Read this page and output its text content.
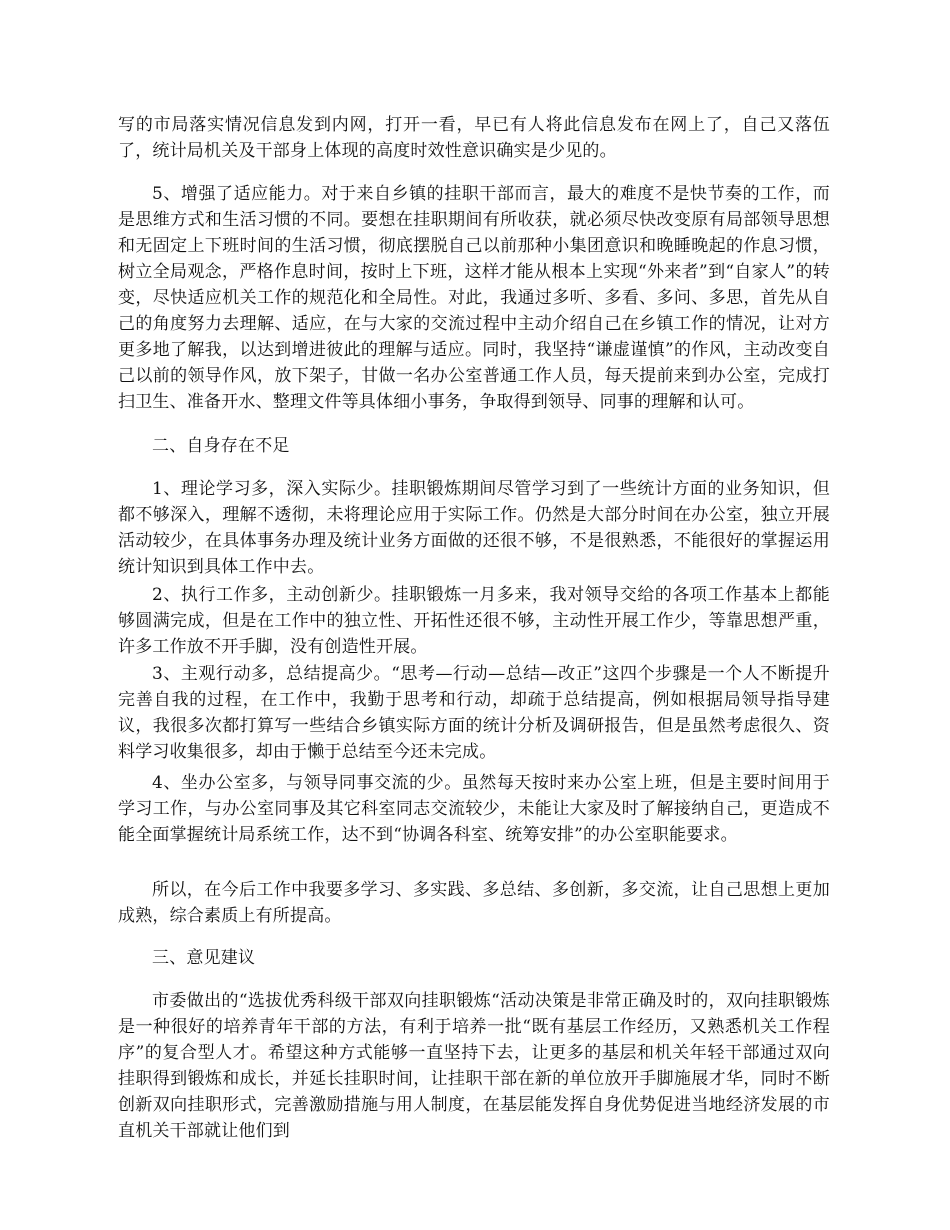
写的市局落实情况信息发到内网，打开一看，早已有人将此信息发布在网上了，自己又落伍了，统计局机关及干部身上体现的高度时效性意识确实是少见的。

5、增强了适应能力。对于来自乡镇的挂职干部而言，最大的难度不是快节奏的工作，而是思维方式和生活习惯的不同。要想在挂职期间有所收获，就必须尽快改变原有局部领导思想和无固定上下班时间的生活习惯，彻底摆脱自己以前那种小集团意识和晚睡晚起的作息习惯，树立全局观念，严格作息时间，按时上下班，这样才能从根本上实现“外来者”到“自家人”的转变，尽快适应机关工作的规范化和全局性。对此，我通过多听、多看、多问、多思，首先从自己的角度努力去理解、适应，在与大家的交流过程中主动介绍自己在乡镇工作的情况，让对方更多地了解我，以达到增进彼此的理解与适应。同时，我坚持“谦虚谨慎”的作风，主动改变自己以前的领导作风，放下架子，甘做一名办公室普通工作人员，每天提前来到办公室，完成打扫卫生、准备开水、整理文件等具体细小事务，争取得到领导、同事的理解和认可。

二、自身存在不足

1、理论学习多，深入实际少。挂职锻炼期间尽管学习到了一些统计方面的业务知识，但都不够深入，理解不透彻，未将理论应用于实际工作。仍然是大部分时间在办公室，独立开展活动较少，在具体事务办理及统计业务方面做的还很不够，不是很熟悉，不能很好的掌握运用统计知识到具体工作中去。

2、执行工作多，主动创新少。挂职锻炼一月多来，我对领导交给的各项工作基本上都能够圆满完成，但是在工作中的独立性、开拓性还很不够，主动性开展工作少，等靠思想严重，许多工作放不开手脚，没有创造性开展。

3、主观行动多，总结提高少。“思考—行动—总结—改正”这四个步骤是一个人不断提升完善自我的过程，在工作中，我勤于思考和行动，却疏于总结提高，例如根据局领导指导建议，我很多次都打算写一些结合乡镇实际方面的统计分析及调研报告，但是虽然考虑很久、资料学习收集很多，却由于懒于总结至今还未完成。

4、坐办公室多，与领导同事交流的少。虽然每天按时来办公室上班，但是主要时间用于学习工作，与办公室同事及其它科室同志交流较少，未能让大家及时了解接纳自己，更造成不能全面掌握统计局系统工作，达不到“协调各科室、统筹安排”的办公室职能要求。

所以，在今后工作中我要多学习、多实践、多总结、多创新，多交流，让自己思想上更加成熟，综合素质上有所提高。

三、意见建议

市委做出的“选拔优秀科级干部双向挂职锻炼“活动决策是非常正确及时的，双向挂职锻炼是一种很好的培养青年干部的方法，有利于培养一批“既有基层工作经历，又熟悉机关工作程序”的复合型人才。希望这种方式能够一直坚持下去，让更多的基层和机关年轻干部通过双向挂职得到锻炼和成长，并延长挂职时间，让挂职干部在新的单位放开手脚施展才华，同时不断创新双向挂职形式，完善激励措施与用人制度，在基层能发挥自身优势促进当地经济发展的市直机关干部就让他们到
